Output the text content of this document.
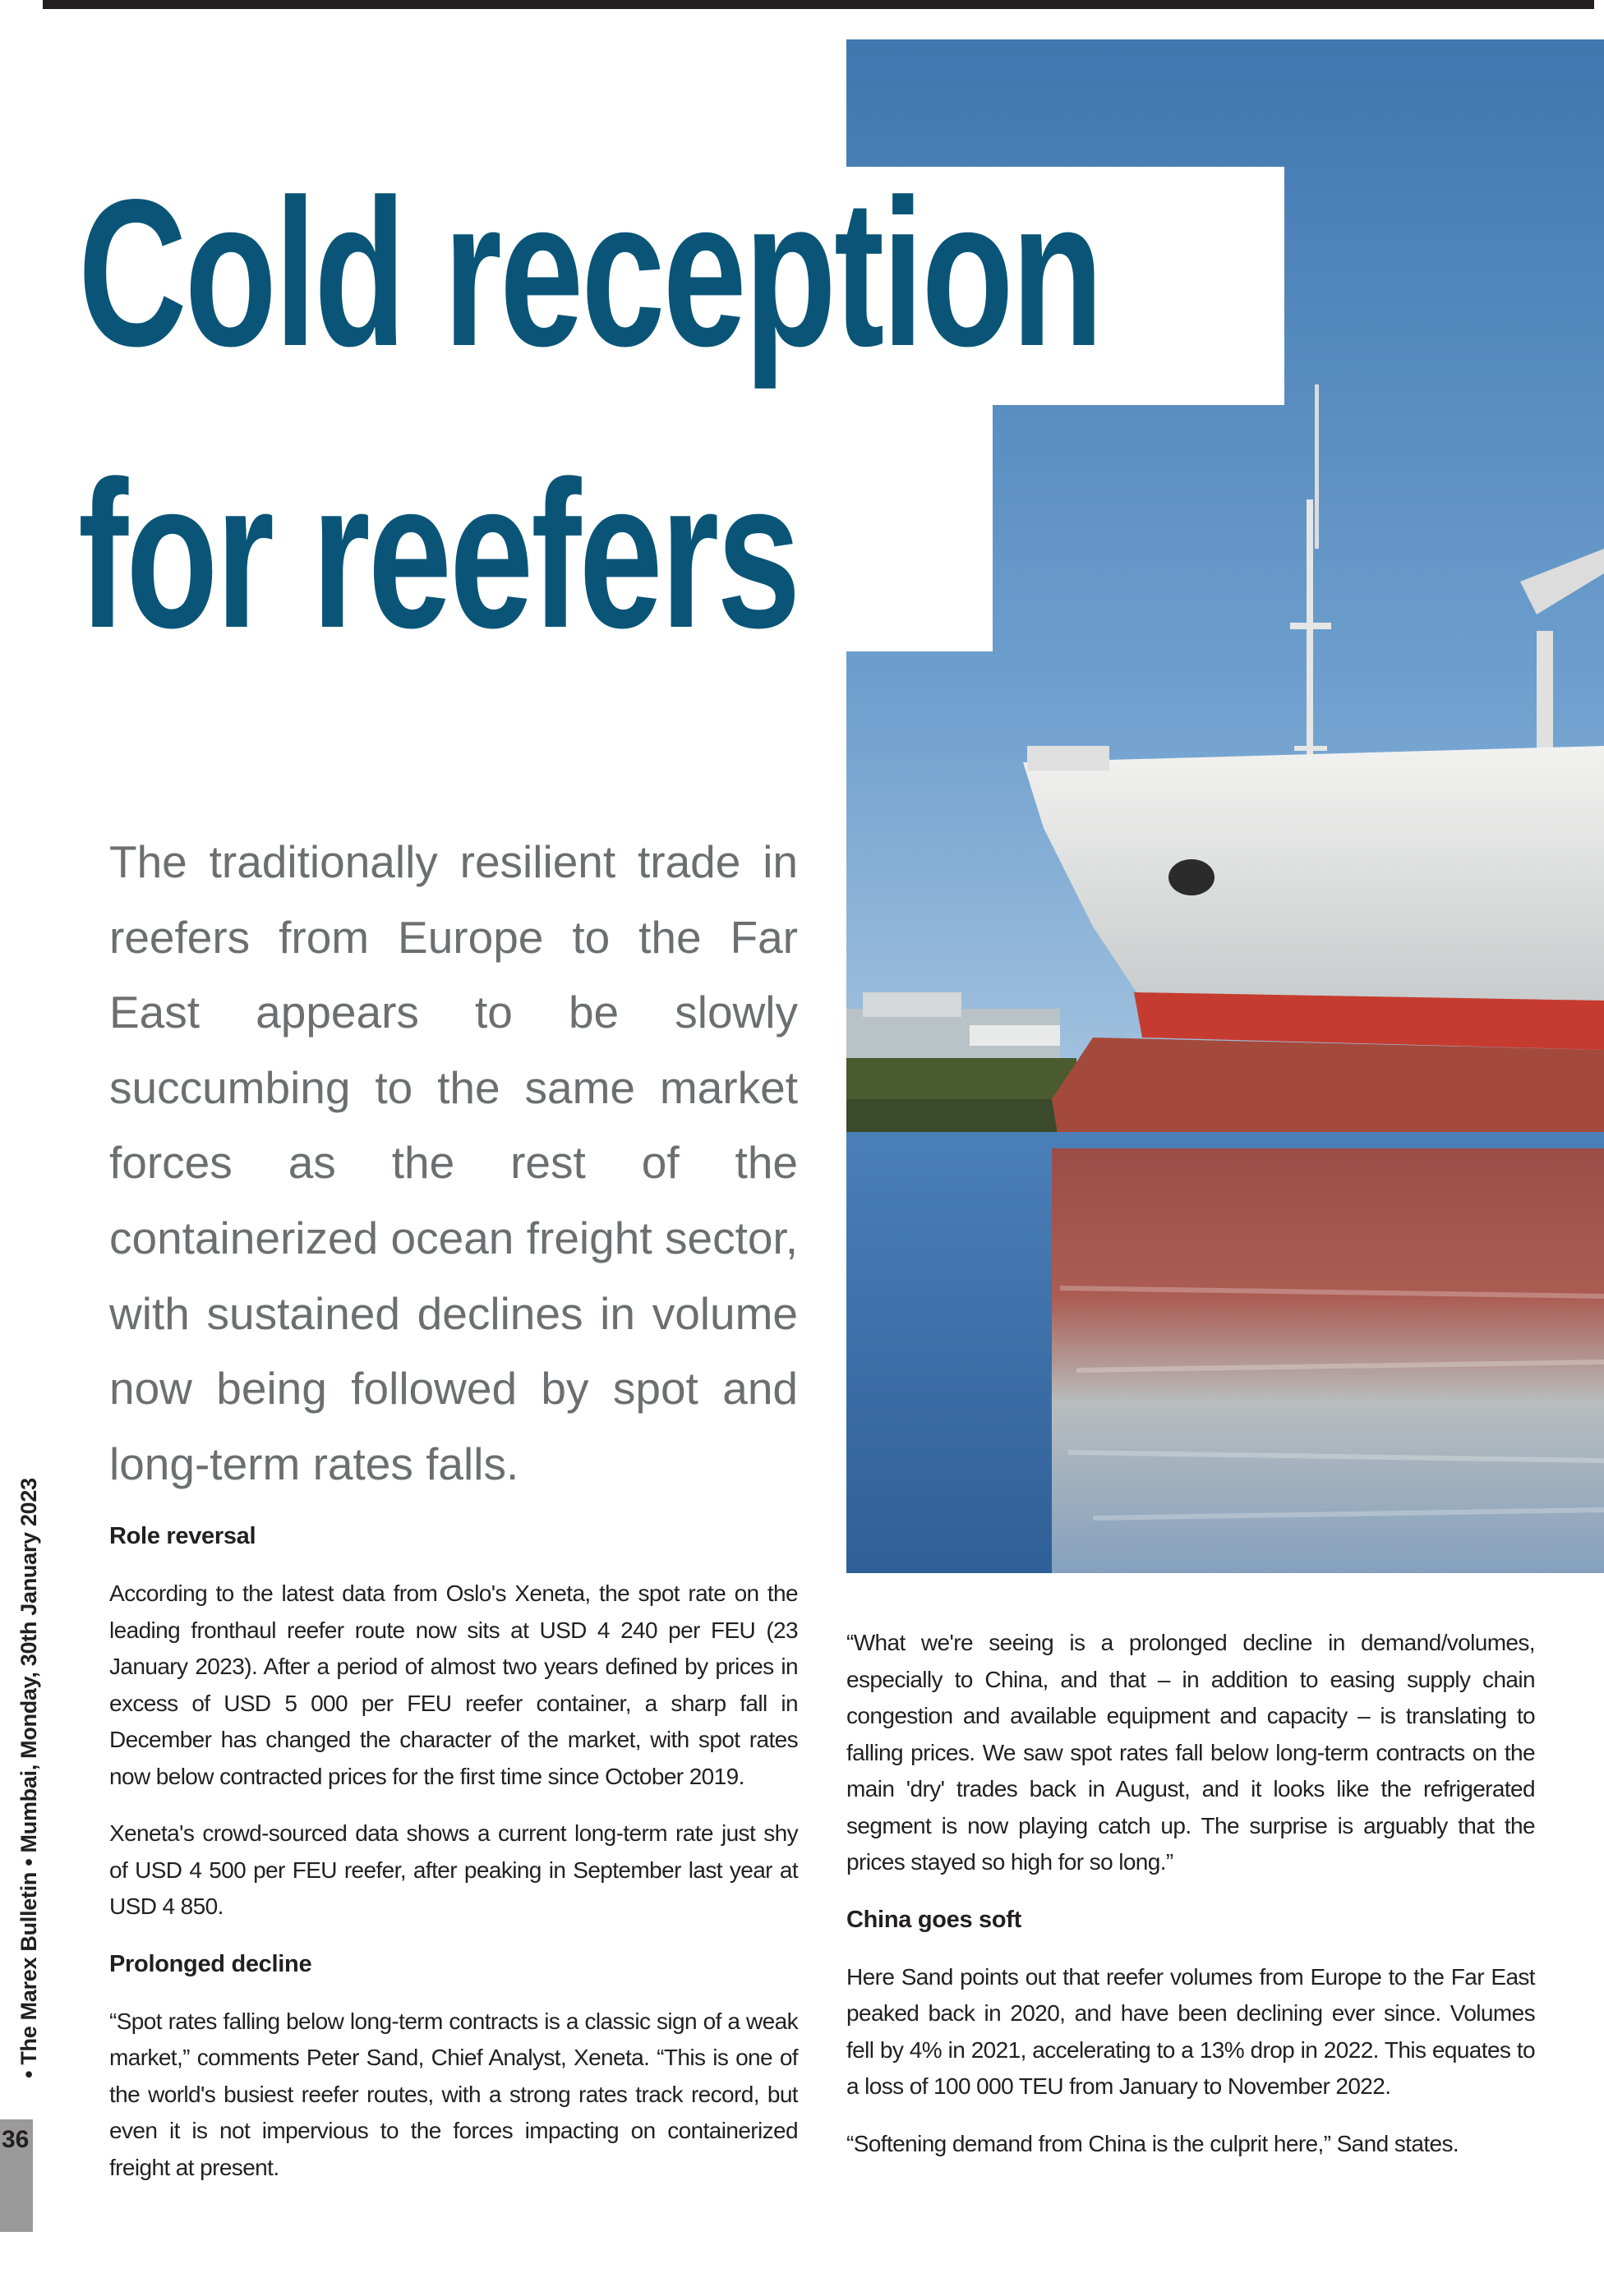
Cold reception
for reefers
The traditionally resilient trade in reefers from Europe to the Far East appears to be slowly succumbing to the same market forces as the rest of the containerized ocean freight sector, with sustained declines in volume now being followed by spot and long-term rates falls.
Role reversal

According to the latest data from Oslo's Xeneta, the spot rate on the leading fronthaul reefer route now sits at USD 4 240 per FEU (23 January 2023). After a period of almost two years defined by prices in excess of USD 5 000 per FEU reefer container, a sharp fall in December has changed the character of the market, with spot rates now below contracted prices for the first time since October 2019.

Xeneta's crowd-sourced data shows a current long-term rate just shy of USD 4 500 per FEU reefer, after peaking in September last year at USD 4 850.

Prolonged decline

“Spot rates falling below long-term contracts is a classic sign of a weak market,” comments Peter Sand, Chief Analyst, Xeneta. “This is one of the world's busiest reefer routes, with a strong rates track record, but even it is not impervious to the forces impacting on containerized freight at present.

“What we're seeing is a prolonged decline in demand/volumes, especially to China, and that – in addition to easing supply chain congestion and available equipment and capacity – is translating to falling prices. We saw spot rates fall below long-term contracts on the main 'dry' trades back in August, and it looks like the refrigerated segment is now playing catch up. The surprise is arguably that the prices stayed so high for so long.”

China goes soft

Here Sand points out that reefer volumes from Europe to the Far East peaked back in 2020, and have been declining ever since. Volumes fell by 4% in 2021, accelerating to a 13% drop in 2022. This equates to a loss of 100 000 TEU from January to November 2022.

“Softening demand from China is the culprit here,” Sand states.

• The Marex Bulletin • Mumbai, Monday, 30th January 2023
36
